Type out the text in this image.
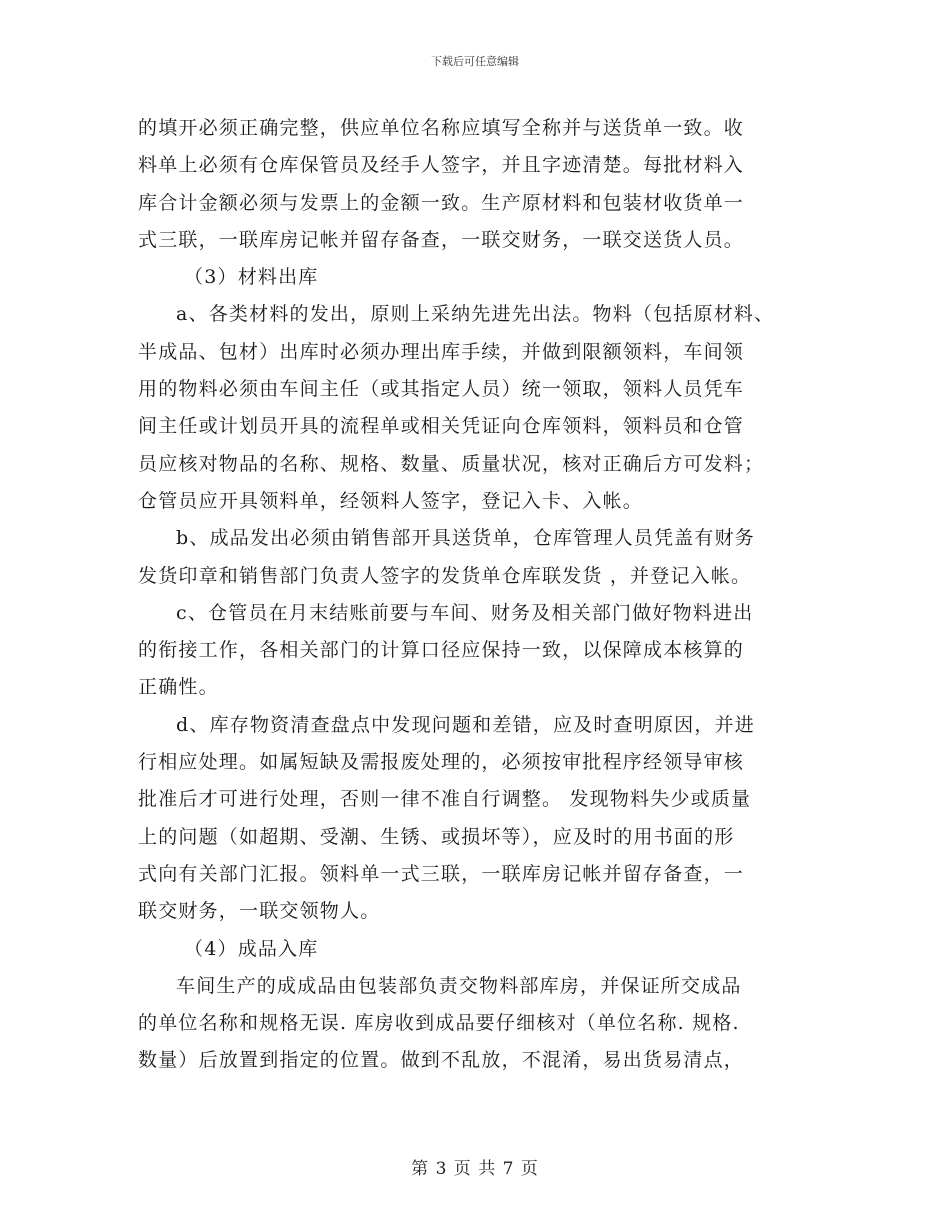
下载后可任意编辑
的填开必须正确完整，供应单位名称应填写全称并与送货单一致。收
料单上必须有仓库保管员及经手人签字，并且字迹清楚。每批材料入
库合计金额必须与发票上的金额一致。生产原材料和包装材收货单一
式三联，一联库房记帐并留存备查，一联交财务，一联交送货人员。
（3）材料出库
a、各类材料的发出，原则上采纳先进先出法。物料（包括原材料、
半成品、包材）出库时必须办理出库手续，并做到限额领料，车间领
用的物料必须由车间主任（或其指定人员）统一领取，领料人员凭车
间主任或计划员开具的流程单或相关凭证向仓库领料，领料员和仓管
员应核对物品的名称、规格、数量、质量状况，核对正确后方可发料；
仓管员应开具领料单，经领料人签字，登记入卡、入帐。
b、成品发出必须由销售部开具送货单，仓库管理人员凭盖有财务
发货印章和销售部门负责人签字的发货单仓库联发货 ，并登记入帐。
c、仓管员在月末结账前要与车间、财务及相关部门做好物料进出
的衔接工作，各相关部门的计算口径应保持一致，以保障成本核算的
正确性。
d、库存物资清查盘点中发现问题和差错，应及时查明原因，并进
行相应处理。如属短缺及需报废处理的，必须按审批程序经领导审核
批准后才可进行处理，否则一律不准自行调整。 发现物料失少或质量
上的问题（如超期、受潮、生锈、或损坏等），应及时的用书面的形
式向有关部门汇报。领料单一式三联，一联库房记帐并留存备查，一
联交财务，一联交领物人。
（4）成品入库
车间生产的成成品由包装部负责交物料部库房，并保证所交成品
的单位名称和规格无误. 库房收到成品要仔细核对（单位名称. 规格.
数量）后放置到指定的位置。做到不乱放，不混淆，易出货易清点，
第 3 页 共 7 页
